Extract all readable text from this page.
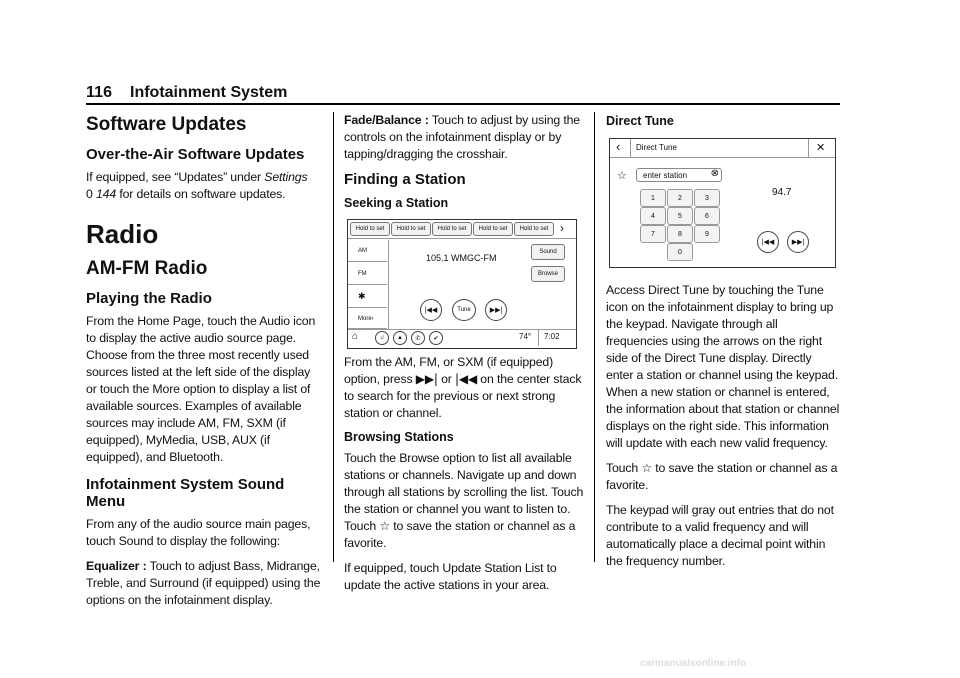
116 Infotainment System
Software Updates
Over-the-Air Software Updates

If equipped, see “Updates” under Settings
0 144 for details on software updates.

Radio
AM-FM Radio
Playing the Radio

From the Home Page, touch the Audio icon to display the active audio source page. Choose from the three most recently used sources listed at the left side of the display or touch the More option to display a list of available sources. Examples of available sources may include AM, FM, SXM (if equipped), MyMedia, USB, AUX (if equipped), and Bluetooth.

Infotainment System Sound Menu

From any of the audio source main pages, touch Sound to display the following:

Equalizer : Touch to adjust Bass, Midrange, Treble, and Surround (if equipped) using the options on the infotainment display.

Fade/Balance : Touch to adjust by using the controls on the infotainment display or by tapping/dragging the crosshair.

Finding a Station
Seeking a Station

From the AM, FM, or SXM (if equipped) option, press ▶▶| or |◀◀ on the center stack to search for the previous or next strong station or channel.

Browsing Stations

Touch the Browse option to list all available stations or channels. Navigate up and down through all stations by scrolling the list. Touch the station or channel you want to listen to. Touch ☆ to save the station or channel as a favorite.

If equipped, touch Update Station List to update the active stations in your area.

Hold to set	Hold to set	Hold to set	Hold to set	Hold to set ›
AM
FM
✱
More ›
105.1 WMGC-FM
Sound
Browse
|◀◀	Tune	▶▶|
⌂	♫	▲	✆	✔	74° 7:02
Direct Tune

Access Direct Tune by touching the Tune icon on the infotainment display to bring up the keypad. Navigate through all frequencies using the arrows on the right side of the Direct Tune display. Directly enter a station or channel using the keypad. When a new station or channel is entered, the information about that station or channel displays on the right side. This information will update with each new valid frequency.

Touch ☆ to save the station or channel as a favorite.

The keypad will gray out entries that do not contribute to a valid frequency and will automatically place a decimal point within the frequency number.

‹ Direct Tune	✕
☆ enter station ⊗
1	2	3
4	5	6
7	8	9
0
94.7
|◀◀	▶▶|
carmanualsonline.info
